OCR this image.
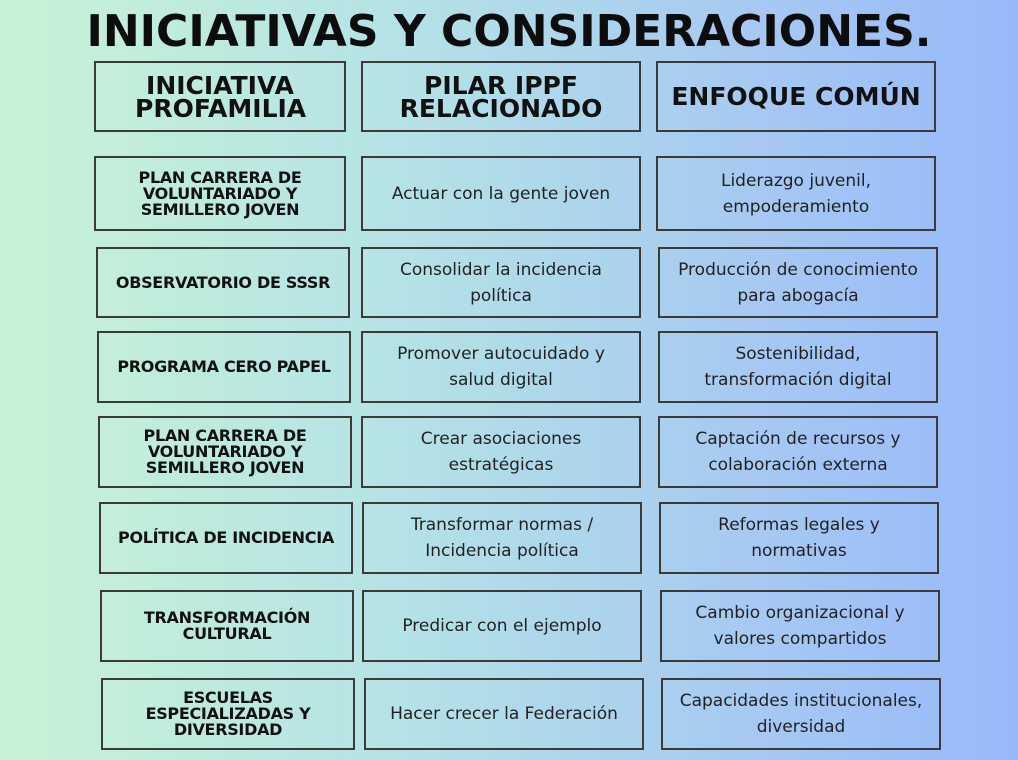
INICIATIVAS Y CONSIDERACIONES.
INICIATIVA PROFAMILIA
PILAR IPPF RELACIONADO	ENFOQUE COMÚN
PLAN CARRERA DE VOLUNTARIADO Y SEMILLERO JOVEN
Actuar con la gente joven
Liderazgo juvenil, empoderamiento
OBSERVATORIO DE SSSR
Consolidar la incidencia política
Producción de conocimiento para abogacía
PROGRAMA CERO PAPEL
Promover autocuidado y salud digital
Sostenibilidad, transformación digital
PLAN CARRERA DE VOLUNTARIADO Y SEMILLERO JOVEN
Crear asociaciones estratégicas
Captación de recursos y colaboración externa
POLÍTICA DE INCIDENCIA
Transformar normas / Incidencia política
Reformas legales y normativas
TRANSFORMACIÓN CULTURAL	Predicar con el ejemplo
Cambio organizacional y valores compartidos
ESCUELAS ESPECIALIZADAS Y DIVERSIDAD
Hacer crecer la Federación
Capacidades institucionales, diversidad
